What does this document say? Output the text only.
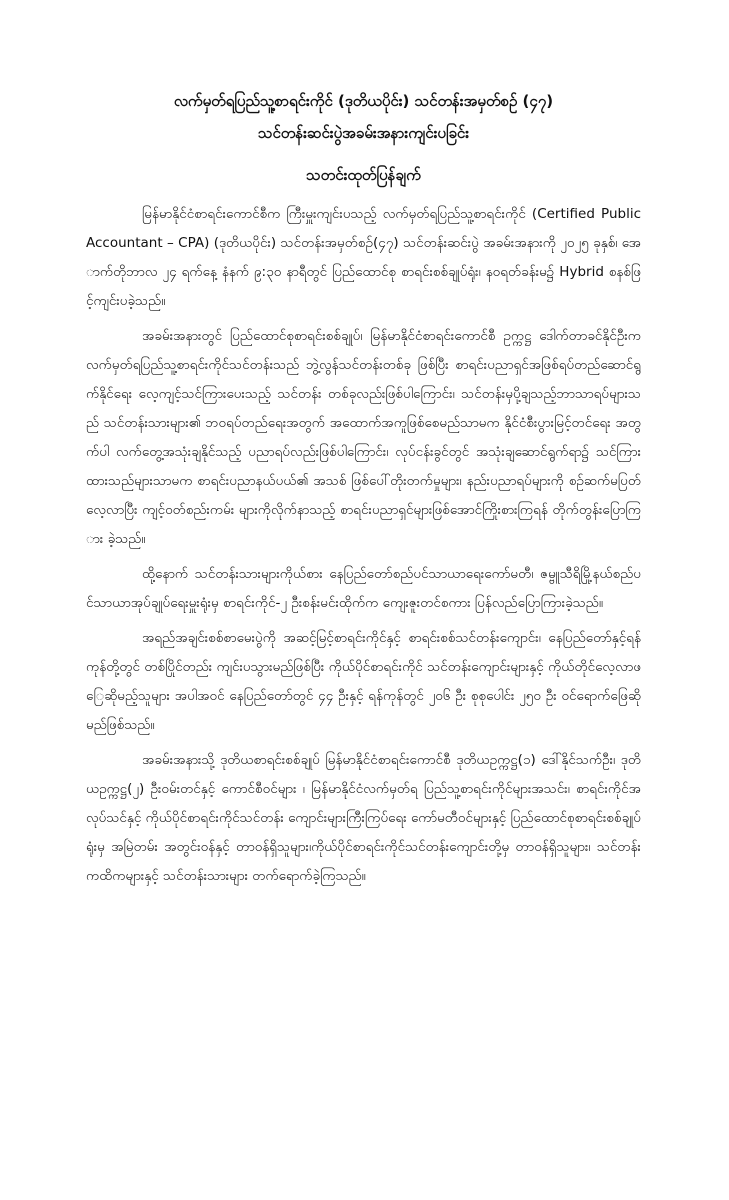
လက်မှတ်ရပြည်သူ့စာရင်းကိုင် (ဒုတိယပိုင်း) သင်တန်းအမှတ်စဉ် (၄၇)
သင်တန်းဆင်းပွဲအခမ်းအနားကျင်းပခြင်း
သတင်းထုတ်ပြန်ချက်

မြန်မာနိုင်ငံစာရင်းကောင်စီက ကြီးမှူးကျင်းပသည့် လက်မှတ်ရပြည်သူ့စာရင်းကိုင် (Certified Public Accountant – CPA) (ဒုတိယပိုင်း) သင်တန်းအမှတ်စဉ်(၄၇) သင်တန်းဆင်းပွဲ အခမ်းအနားကို ၂၀၂၅ ခုနှစ်၊ အောက်တိုဘာလ ၂၄ ရက်နေ့ နံနက် ၉:၃၀ နာရီတွင် ပြည်ထောင်စု စာရင်းစစ်ချုပ်ရုံး၊ နဝရတ်ခန်းမ၌ Hybrid စနစ်ဖြင့်ကျင်းပခဲ့သည်။

အခမ်းအနားတွင် ပြည်ထောင်စုစာရင်းစစ်ချုပ်၊ မြန်မာနိုင်ငံစာရင်းကောင်စီ ဥက္ကဋ္ဌ ဒေါက်တာခင်နိုင်ဦးက လက်မှတ်ရပြည်သူ့စာရင်းကိုင်သင်တန်းသည် ဘွဲ့လွန်သင်တန်းတစ်ခု ဖြစ်ပြီး စာရင်းပညာရှင်အဖြစ်ရပ်တည်ဆောင်ရွက်နိုင်ရေး လေ့ကျင့်သင်ကြားပေးသည့် သင်တန်း တစ်ခုလည်းဖြစ်ပါကြောင်း၊ သင်တန်းမှပို့ချသည့်ဘာသာရပ်များသည် သင်တန်းသားများ၏ ဘဝရပ်တည်ရေးအတွက် အထောက်အကူဖြစ်စေမည်သာမက နိုင်ငံစီးပွားမြင့်တင်ရေး အတွက်ပါ လက်တွေ့အသုံးချနိုင်သည့် ပညာရပ်လည်းဖြစ်ပါကြောင်း၊ လုပ်ငန်းခွင်တွင် အသုံးချဆောင်ရွက်ရာ၌ သင်ကြားထားသည်များသာမက စာရင်းပညာနယ်ပယ်၏ အသစ် ဖြစ်ပေါ်တိုးတက်မှုများ၊ နည်းပညာရပ်များကို စဉ်ဆက်မပြတ်လေ့လာပြီး ကျင့်ဝတ်စည်းကမ်း များကိုလိုက်နာသည့် စာရင်းပညာရှင်များဖြစ်အောင်ကြိုးစားကြရန် တိုက်တွန်းပြောကြား ခဲ့သည်။

ထို့နောက် သင်တန်းသားများကိုယ်စား နေပြည်တော်စည်ပင်သာယာရေးကော်မတီ၊ ဇမ္ဗူသီရိမြို့နယ်စည်ပင်သာယာအုပ်ချုပ်ရေးမှူးရုံးမှ စာရင်းကိုင်-၂ ဦးစန်းမင်းထိုက်က ကျေးဇူးတင်စကား ပြန်လည်ပြောကြားခဲ့သည်။

အရည်အချင်းစစ်စာမေးပွဲကို အဆင့်မြင့်စာရင်းကိုင်နှင့် စာရင်းစစ်သင်တန်းကျောင်း၊ နေပြည်တော်နှင့်ရန်ကုန်တို့တွင် တစ်ပြိုင်တည်း ကျင်းပသွားမည်ဖြစ်ပြီး ကိုယ်ပိုင်စာရင်းကိုင် သင်တန်းကျောင်းများနှင့် ကိုယ်တိုင်လေ့လာဖြေဆိုမည့်သူများ အပါအဝင် နေပြည်တော်တွင် ၄၄ ဦးနှင့် ရန်ကုန်တွင် ၂၀၆ ဦး စုစုပေါင်း ၂၅၀ ဦး ဝင်ရောက်ဖြေဆိုမည်ဖြစ်သည်။

အခမ်းအနားသို့ ဒုတိယစာရင်းစစ်ချုပ် မြန်မာနိုင်ငံစာရင်းကောင်စီ ဒုတိယဥက္ကဋ္ဌ(၁) ဒေါ်နိုင်သက်ဦး၊ ဒုတိယဥက္ကဋ္ဌ(၂) ဦးဝမ်းတင်နှင့် ကောင်စီဝင်များ ၊ မြန်မာနိုင်ငံလက်မှတ်ရ ပြည်သူ့စာရင်းကိုင်များအသင်း၊ စာရင်းကိုင်အလုပ်သင်နှင့် ကိုယ်ပိုင်စာရင်းကိုင်သင်တန်း ကျောင်းများကြီးကြပ်ရေး ကော်မတီဝင်များနှင့် ပြည်ထောင်စုစာရင်းစစ်ချုပ်ရုံးမှ အမြဲတမ်း အတွင်းဝန်နှင့် တာဝန်ရှိသူများ၊ကိုယ်ပိုင်စာရင်းကိုင်သင်တန်းကျောင်းတို့မှ တာဝန်ရှိသူများ၊ သင်တန်းကထိကများနှင့် သင်တန်းသားများ တက်ရောက်ခဲ့ကြသည်။
